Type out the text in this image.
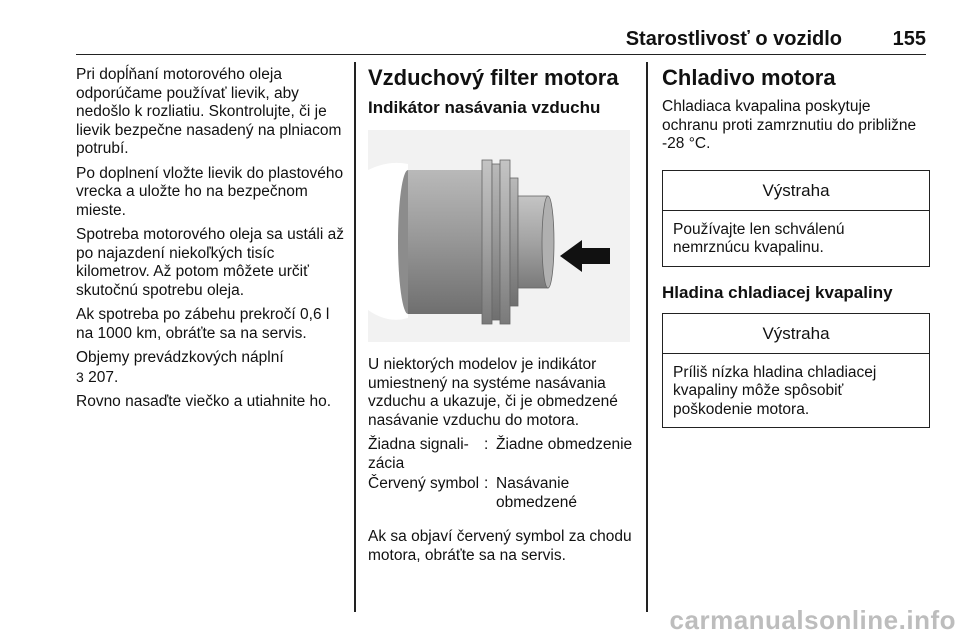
Starostlivosť o vozidlo	155

Pri dopĺňaní motorového oleja odporúčame používať lievik, aby nedošlo k rozliatiu. Skontrolujte, či je lievik bezpečne nasadený na plniacom potrubí.

Po doplnení vložte lievik do plastového vrecka a uložte ho na bezpečnom mieste.

Spotreba motorového oleja sa ustáli až po najazdení niekoľkých tisíc kilometrov. Až potom môžete určiť skutočnú spotrebu oleja.

Ak spotreba po zábehu prekročí 0,6 l na 1000 km, obráťte sa na servis.

Objemy prevádzkových náplní
3 207.

Rovno nasaďte viečko a utiahnite ho.

Vzduchový filter motora
Indikátor nasávania vzduchu

U niektorých modelov je indikátor umiestnený na systéme nasávania vzduchu a ukazuje, či je obmedzené nasávanie vzduchu do motora.

Žiadna signali-zácia
: Žiadne obmedzenie
Červený symbol : Nasávanie obmedzené

Ak sa objaví červený symbol za chodu motora, obráťte sa na servis.

Chladivo motora

Chladiaca kvapalina poskytuje ochranu proti zamrznutiu do približne -28 °C.

Výstraha
Používajte len schválenú nemrznúcu kvapalinu.
Hladina chladiacej kvapaliny
Výstraha
Príliš nízka hladina chladiacej kvapaliny môže spôsobiť poškodenie motora.
carmanualsonline.info
